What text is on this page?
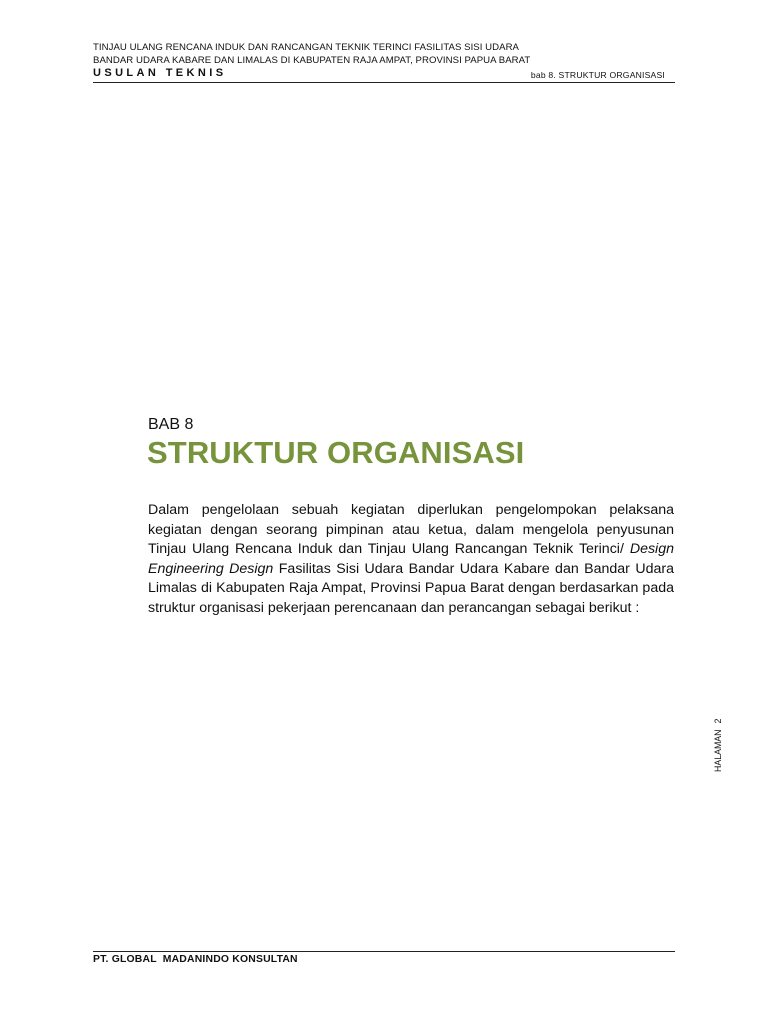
TINJAU ULANG RENCANA INDUK DAN RANCANGAN TEKNIK TERINCI FASILITAS SISI UDARA
BANDAR UDARA KABARE DAN LIMALAS DI KABUPATEN RAJA AMPAT, PROVINSI PAPUA BARAT
USULAN TEKNIS	bab 8. STRUKTUR ORGANISASI
BAB 8
STRUKTUR ORGANISASI

Dalam pengelolaan sebuah kegiatan diperlukan pengelompokan pelaksana kegiatan dengan seorang pimpinan atau ketua, dalam mengelola penyusunan Tinjau Ulang Rencana Induk dan Tinjau Ulang Rancangan Teknik Terinci/ Design Engineering Design Fasilitas Sisi Udara Bandar Udara Kabare dan Bandar Udara Limalas di Kabupaten Raja Ampat, Provinsi Papua Barat dengan berdasarkan pada struktur organisasi pekerjaan perencanaan dan perancangan sebagai berikut :

HALAMAN2
PT. GLOBAL  MADANINDO KONSULTAN
